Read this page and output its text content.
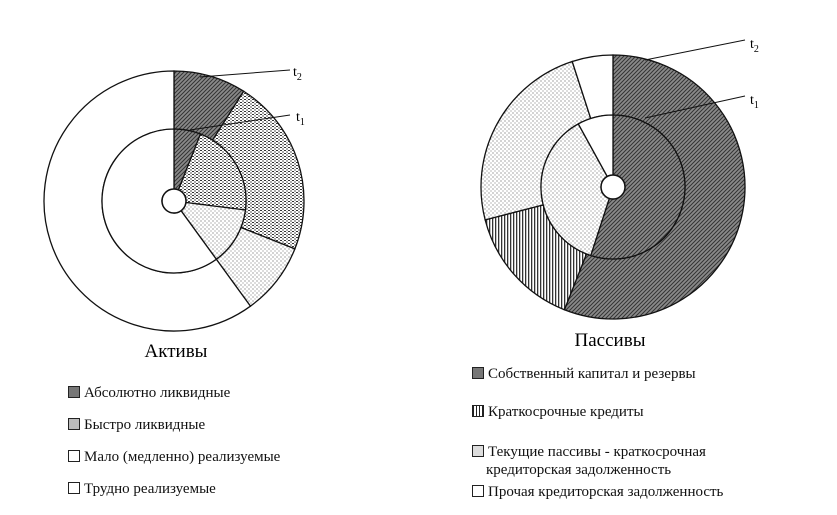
$t_2$
$t_1$
$t_2$
$t_1$
Активы
Пассивы
Абсолютно ликвидные
Быстро ликвидные
Мало (медленно) реализуемые
Трудно реализуемые
Собственный капитал и резервы
Краткосрочные кредиты
Текущие пассивы - краткосрочная
кредиторская задолженность
Прочая кредиторская задолженность
